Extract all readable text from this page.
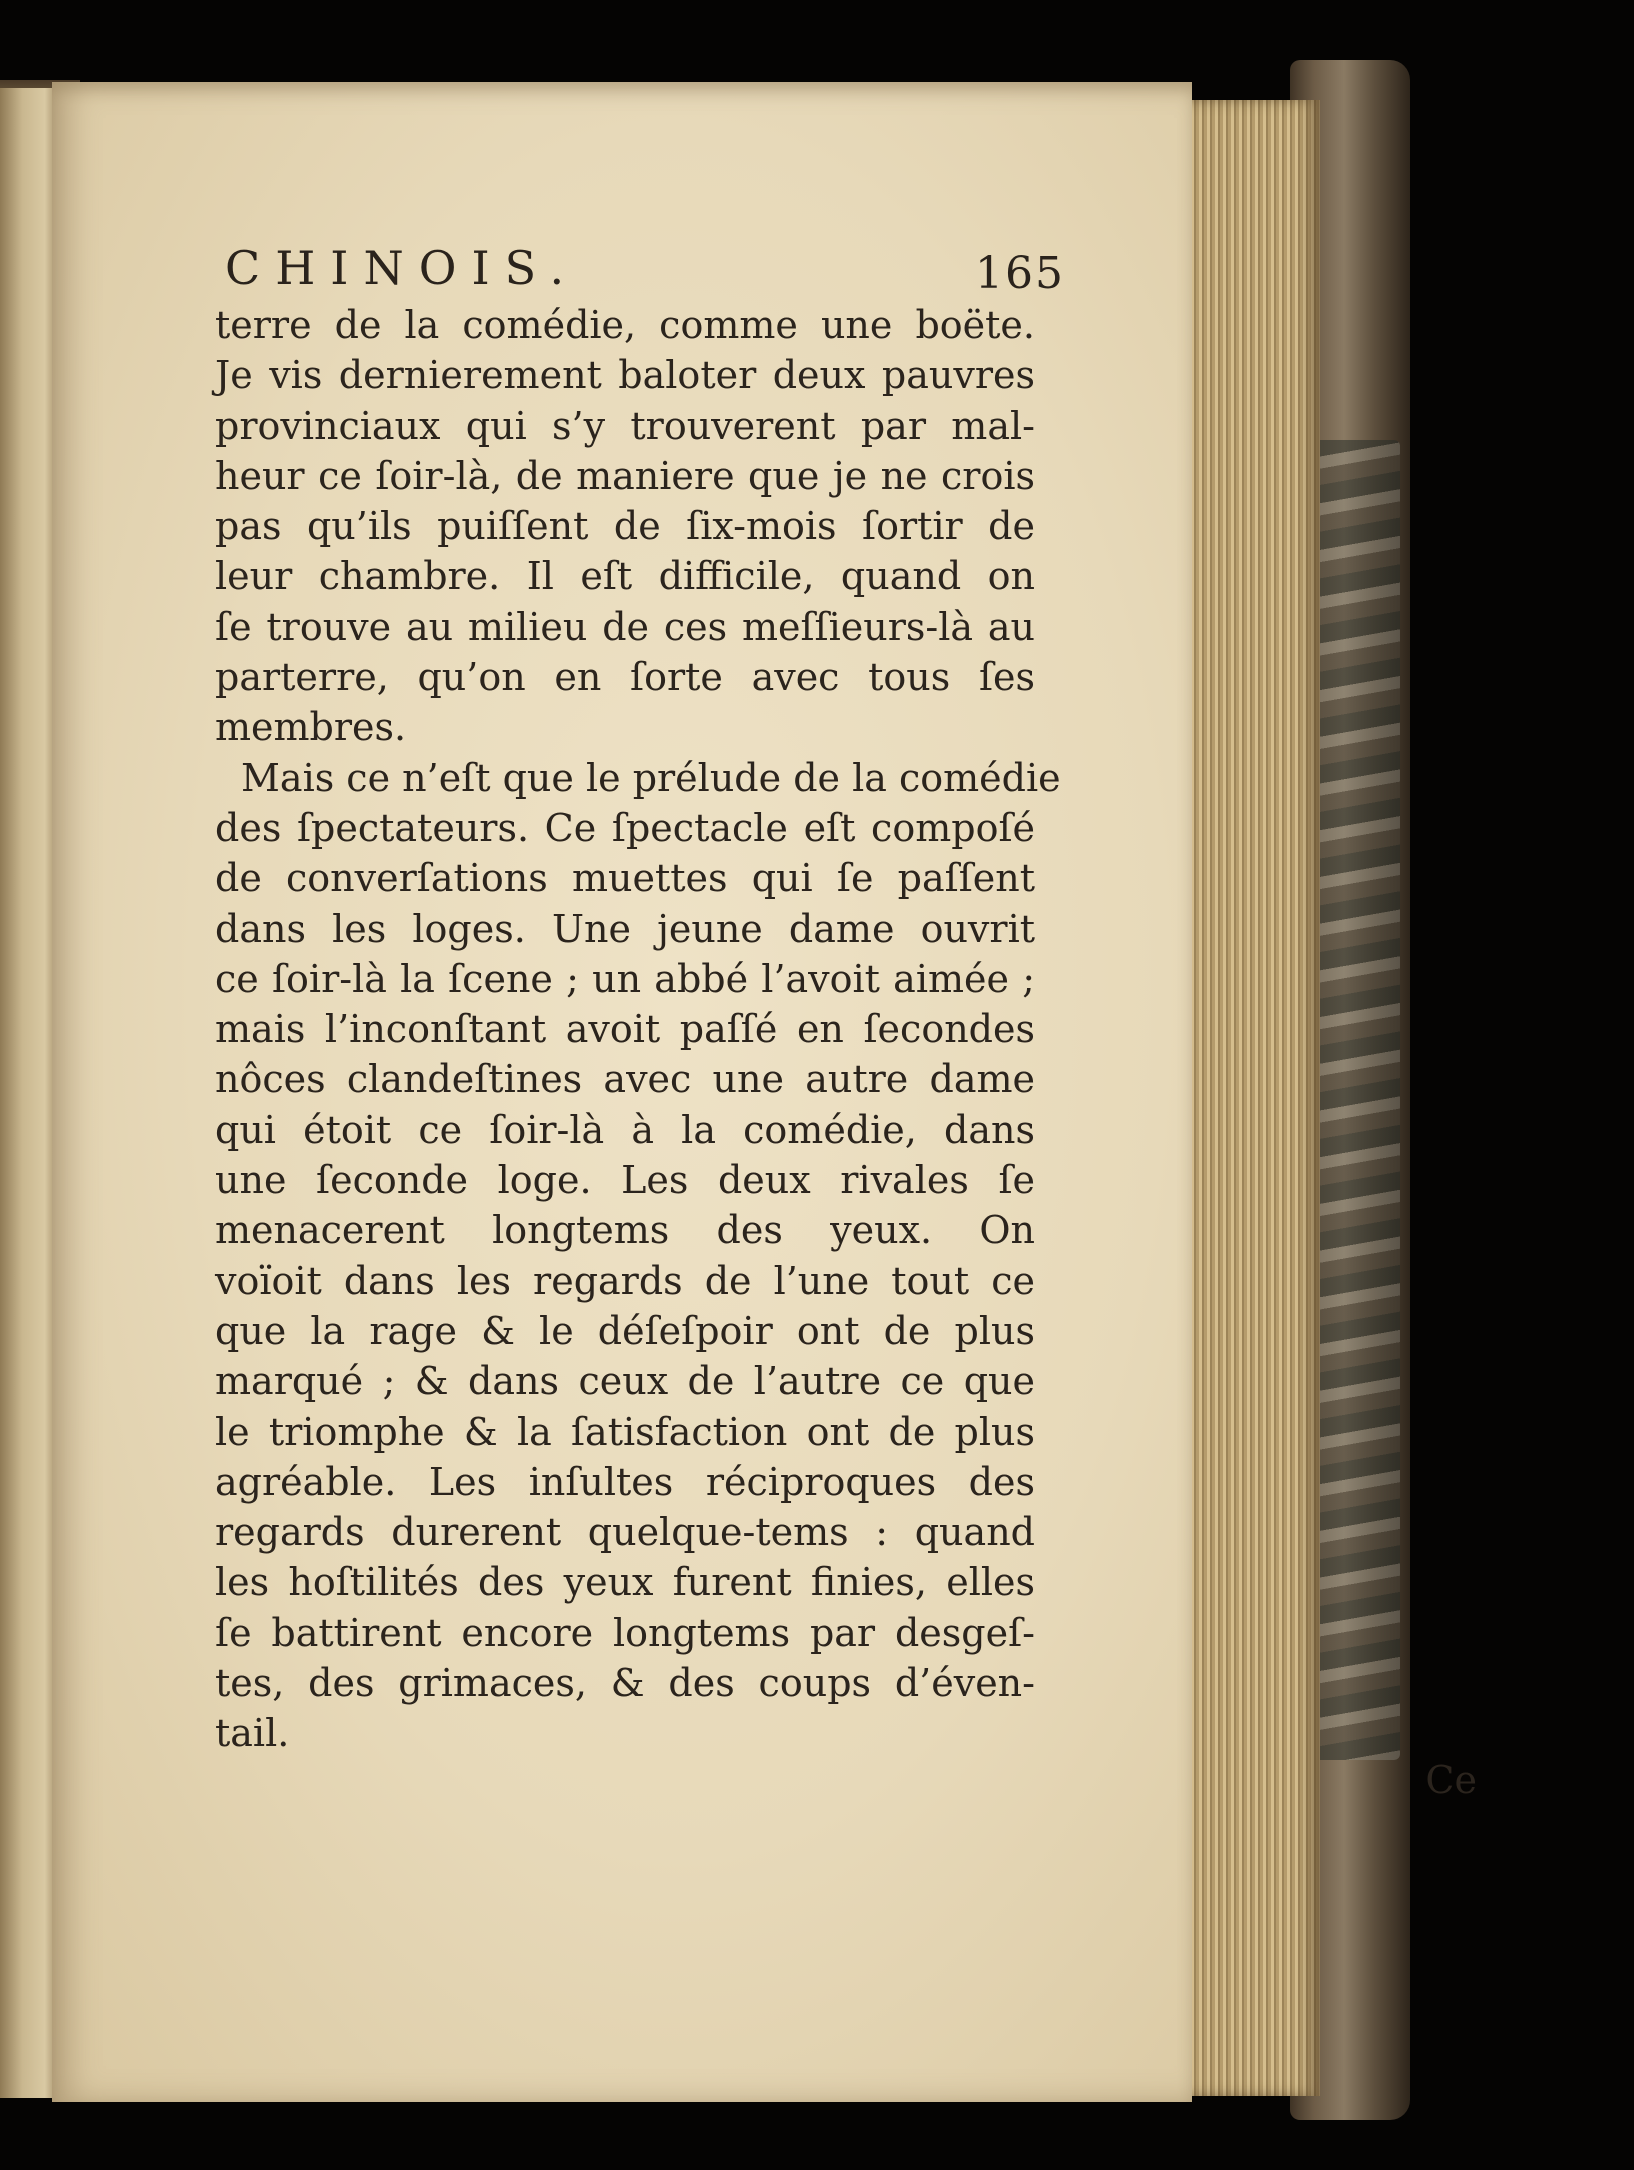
CHINOIS.	165
terre de la comédie, comme une boëte.
Je vis dernierement baloter deux pauvres
provinciaux qui s’y trouverent par mal-
heur ce ſoir-là, de maniere que je ne crois
pas qu’ils puiſſent de ſix-mois ſortir de
leur chambre. Il eſt difficile, quand on
ſe trouve au milieu de ces meſſieurs-là au
parterre, qu’on en ſorte avec tous ſes
membres.
Mais ce n’eſt que le prélude de la comédie
des ſpectateurs. Ce ſpectacle eſt compoſé
de converſations muettes qui ſe paſſent
dans les loges. Une jeune dame ouvrit
ce ſoir-là la ſcene ; un abbé l’avoit aimée ;
mais l’inconſtant avoit paſſé en ſecondes
nôces clandeſtines avec une autre dame
qui étoit ce ſoir-là à la comédie, dans
une ſeconde loge. Les deux rivales ſe
menacerent longtems des yeux. On
voïoit dans les regards de l’une tout ce
que la rage & le déſeſpoir ont de plus
marqué ; & dans ceux de l’autre ce que
le triomphe & la ſatisfaction ont de plus
agréable. Les inſultes réciproques des
regards durerent quelque-tems : quand
les hoſtilités des yeux furent finies, elles
ſe battirent encore longtems par desgeſ-
tes, des grimaces, & des coups d’éven-
tail.
Ce
